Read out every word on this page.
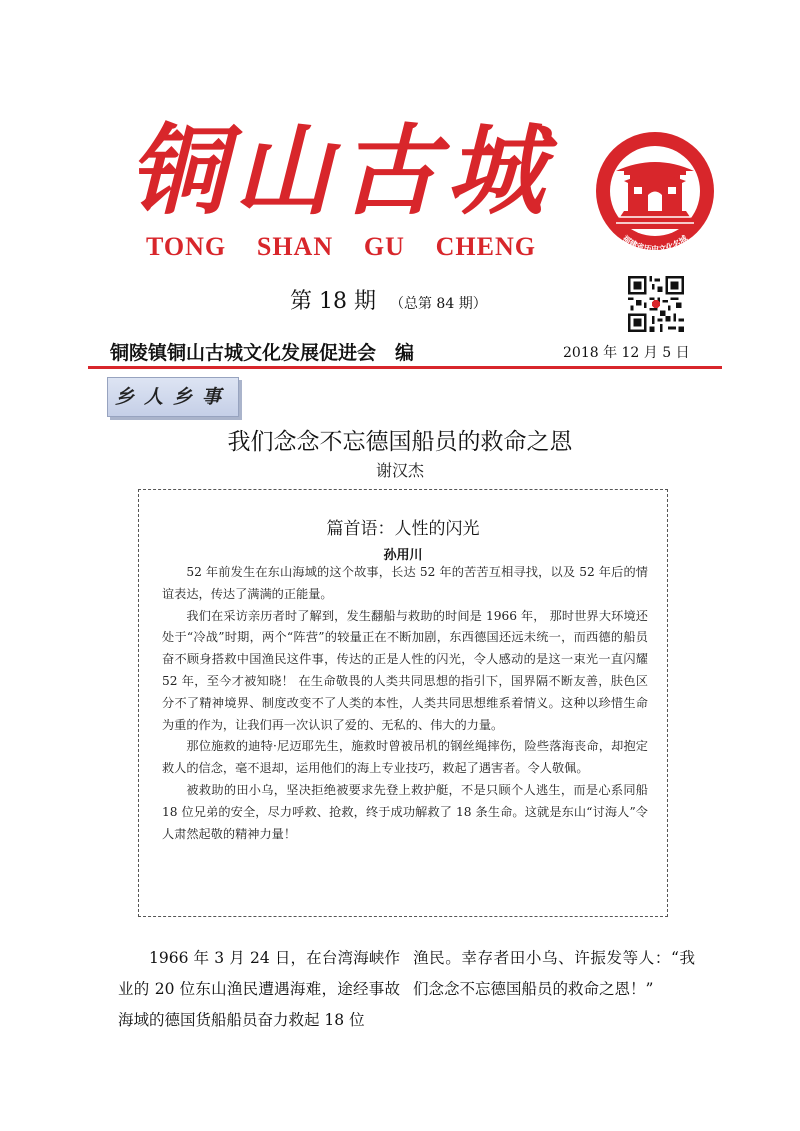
铜山古城
TONG SHAN GU CHENG	福建省历史文化名城
第 18 期 （总第 84 期）
铜陵镇铜山古城文化发展促进会　编	2018 年 12 月 5 日
乡人乡事
我们念念不忘德国船员的救命之恩
谢汉杰
篇首语：人性的闪光
孙用川

52 年前发生在东山海域的这个故事，长达 52 年的苦苦互相寻找，以及 52 年后的情谊表达，传达了满满的正能量。

我们在采访亲历者时了解到，发生翻船与救助的时间是 1966 年， 那时世界大环境还处于“冷战”时期，两个“阵营”的较量正在不断加剧，东西德国还远未统一，而西德的船员奋不顾身搭救中国渔民这件事，传达的正是人性的闪光，令人感动的是这一束光一直闪耀 52 年，至今才被知晓！ 在生命敬畏的人类共同思想的指引下，国界隔不断友善，肤色区分不了精神境界、制度改变不了人类的本性，人类共同思想维系着情义。这种以珍惜生命为重的作为，让我们再一次认识了爱的、无私的、伟大的力量。

那位施救的迪特·尼迈耶先生，施救时曾被吊机的钢丝绳摔伤，险些落海丧命，却抱定救人的信念，毫不退却，运用他们的海上专业技巧，救起了遇害者。令人敬佩。

被救助的田小乌，坚决拒绝被要求先登上救护艇，不是只顾个人逃生，而是心系同船 18 位兄弟的安全，尽力呼救、抢救，终于成功解救了 18 条生命。这就是东山“讨海人”令人肃然起敬的精神力量！

1966 年 3 月 24 日，在台湾海峡作业的 20 位东山渔民遭遇海难，途经事故海域的德国货船船员奋力救起 18 位

渔民。幸存者田小乌、许振发等人：“我们念念不忘德国船员的救命之恩！”
